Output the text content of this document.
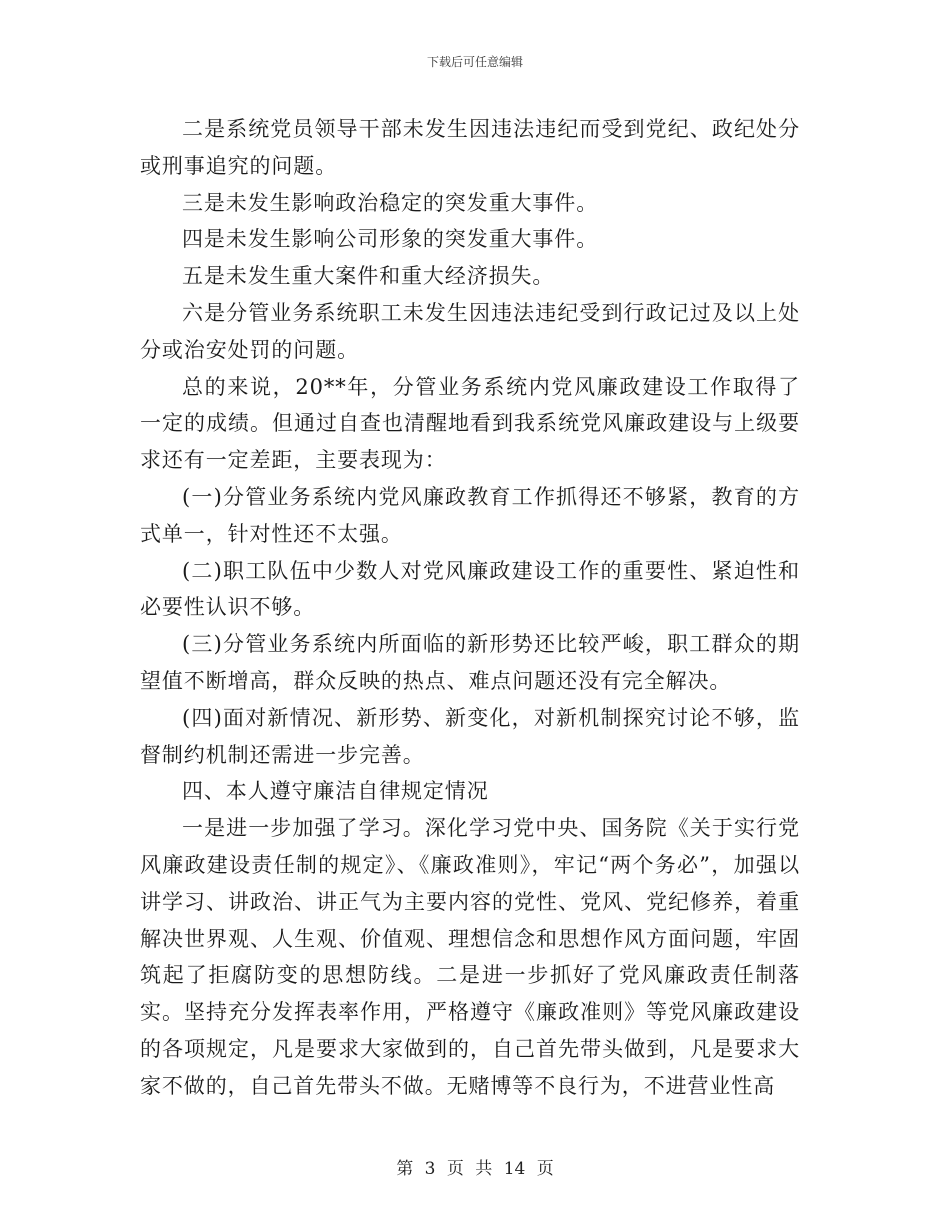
下载后可任意编辑

二是系统党员领导干部未发生因违法违纪而受到党纪、政纪处分或刑事追究的问题。

三是未发生影响政治稳定的突发重大事件。

四是未发生影响公司形象的突发重大事件。

五是未发生重大案件和重大经济损失。

六是分管业务系统职工未发生因违法违纪受到行政记过及以上处分或治安处罚的问题。

总的来说，20**年，分管业务系统内党风廉政建设工作取得了一定的成绩。但通过自查也清醒地看到我系统党风廉政建设与上级要求还有一定差距，主要表现为：

(一)分管业务系统内党风廉政教育工作抓得还不够紧，教育的方式单一，针对性还不太强。

(二)职工队伍中少数人对党风廉政建设工作的重要性、紧迫性和必要性认识不够。

(三)分管业务系统内所面临的新形势还比较严峻，职工群众的期望值不断增高，群众反映的热点、难点问题还没有完全解决。

(四)面对新情况、新形势、新变化，对新机制探究讨论不够，监督制约机制还需进一步完善。

四、本人遵守廉洁自律规定情况

一是进一步加强了学习。深化学习党中央、国务院《关于实行党风廉政建设责任制的规定》、《廉政准则》，牢记“两个务必”，加强以讲学习、讲政治、讲正气为主要内容的党性、党风、党纪修养，着重解决世界观、人生观、价值观、理想信念和思想作风方面问题，牢固筑起了拒腐防变的思想防线。二是进一步抓好了党风廉政责任制落实。坚持充分发挥表率作用，严格遵守《廉政准则》等党风廉政建设的各项规定，凡是要求大家做到的，自己首先带头做到，凡是要求大家不做的，自己首先带头不做。无赌博等不良行为，不进营业性高

第 3 页 共 14 页
